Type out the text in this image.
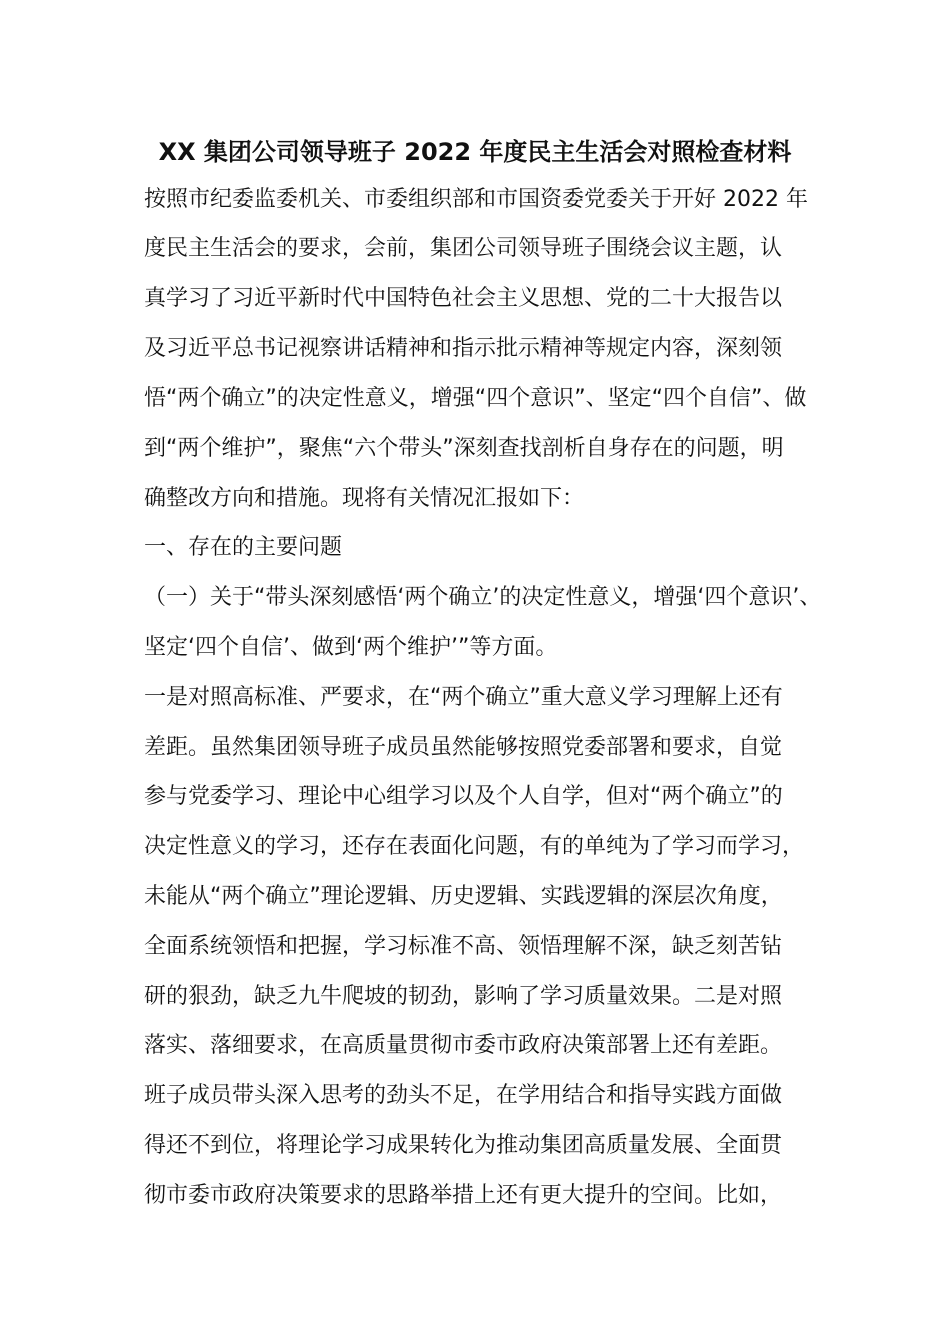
XX 集团公司领导班子 2022 年度民主生活会对照检查材料
按照市纪委监委机关、市委组织部和市国资委党委关于开好 2022 年
度民主生活会的要求，会前，集团公司领导班子围绕会议主题，认
真学习了习近平新时代中国特色社会主义思想、党的二十大报告以
及习近平总书记视察讲话精神和指示批示精神等规定内容，深刻领
悟“两个确立”的决定性意义，增强“四个意识”、坚定“四个自信”、做
到“两个维护”，聚焦“六个带头”深刻查找剖析自身存在的问题，明
确整改方向和措施。现将有关情况汇报如下：
一、存在的主要问题
（一）关于“带头深刻感悟‘两个确立’的决定性意义，增强‘四个意识’、
坚定‘四个自信’、做到‘两个维护’”等方面。
一是对照高标准、严要求，在“两个确立”重大意义学习理解上还有
差距。虽然集团领导班子成员虽然能够按照党委部署和要求，自觉
参与党委学习、理论中心组学习以及个人自学，但对“两个确立”的
决定性意义的学习，还存在表面化问题，有的单纯为了学习而学习，
未能从“两个确立”理论逻辑、历史逻辑、实践逻辑的深层次角度，
全面系统领悟和把握，学习标准不高、领悟理解不深，缺乏刻苦钻
研的狠劲，缺乏九牛爬坡的韧劲，影响了学习质量效果。二是对照
落实、落细要求，在高质量贯彻市委市政府决策部署上还有差距。
班子成员带头深入思考的劲头不足，在学用结合和指导实践方面做
得还不到位，将理论学习成果转化为推动集团高质量发展、全面贯
彻市委市政府决策要求的思路举措上还有更大提升的空间。比如，
